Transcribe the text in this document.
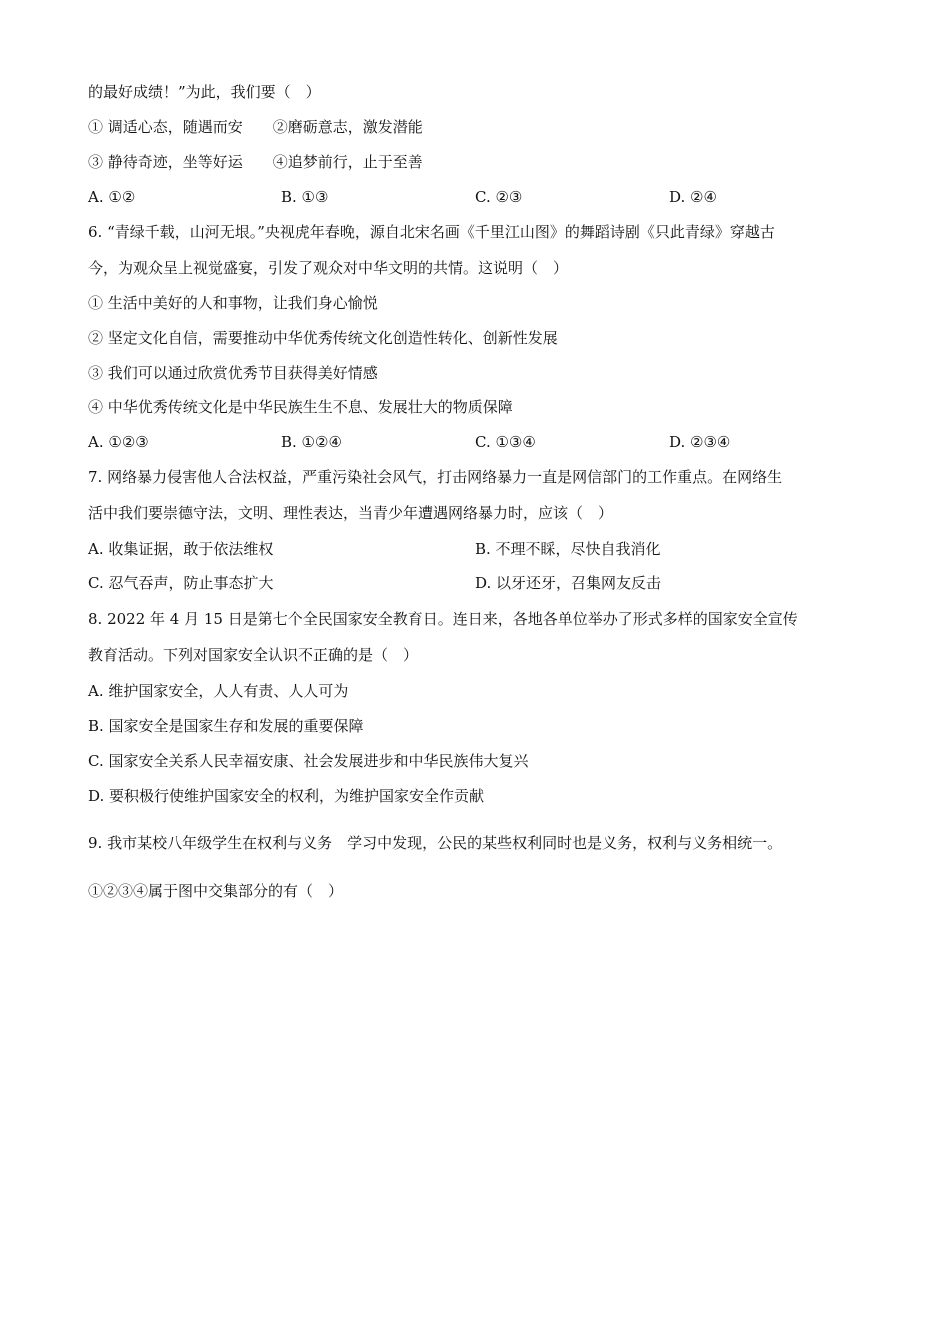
的最好成绩！”为此，我们要（　）
① 调适心态，随遇而安　　②磨砺意志，激发潜能
③ 静待奇迹，坐等好运　　④追梦前行，止于至善
A. ①②	B. ①③	C. ②③	D. ②④
6. “青绿千载，山河无垠。”央视虎年春晚，源自北宋名画《千里江山图》的舞蹈诗剧《只此青绿》穿越古
今，为观众呈上视觉盛宴，引发了观众对中华文明的共情。这说明（　）
① 生活中美好的人和事物，让我们身心愉悦
② 坚定文化自信，需要推动中华优秀传统文化创造性转化、创新性发展
③ 我们可以通过欣赏优秀节目获得美好情感
④ 中华优秀传统文化是中华民族生生不息、发展壮大的物质保障
A. ①②③	B. ①②④	C. ①③④	D. ②③④
7. 网络暴力侵害他人合法权益，严重污染社会风气，打击网络暴力一直是网信部门的工作重点。在网络生
活中我们要崇德守法，文明、理性表达，当青少年遭遇网络暴力时，应该（　）
A. 收集证据，敢于依法维权	B. 不理不睬，尽快自我消化
C. 忍气吞声，防止事态扩大	D. 以牙还牙，召集网友反击
8. 2022 年 4 月 15 日是第七个全民国家安全教育日。连日来，各地各单位举办了形式多样的国家安全宣传
教育活动。下列对国家安全认识不正确的是（　）
A. 维护国家安全，人人有责、人人可为
B. 国家安全是国家生存和发展的重要保障
C. 国家安全关系人民幸福安康、社会发展进步和中华民族伟大复兴
D. 要积极行使维护国家安全的权利，为维护国家安全作贡献
9. 我市某校八年级学生在权利与义务　学习中发现，公民的某些权利同时也是义务，权利与义务相统一。
①②③④属于图中交集部分的有（　）
